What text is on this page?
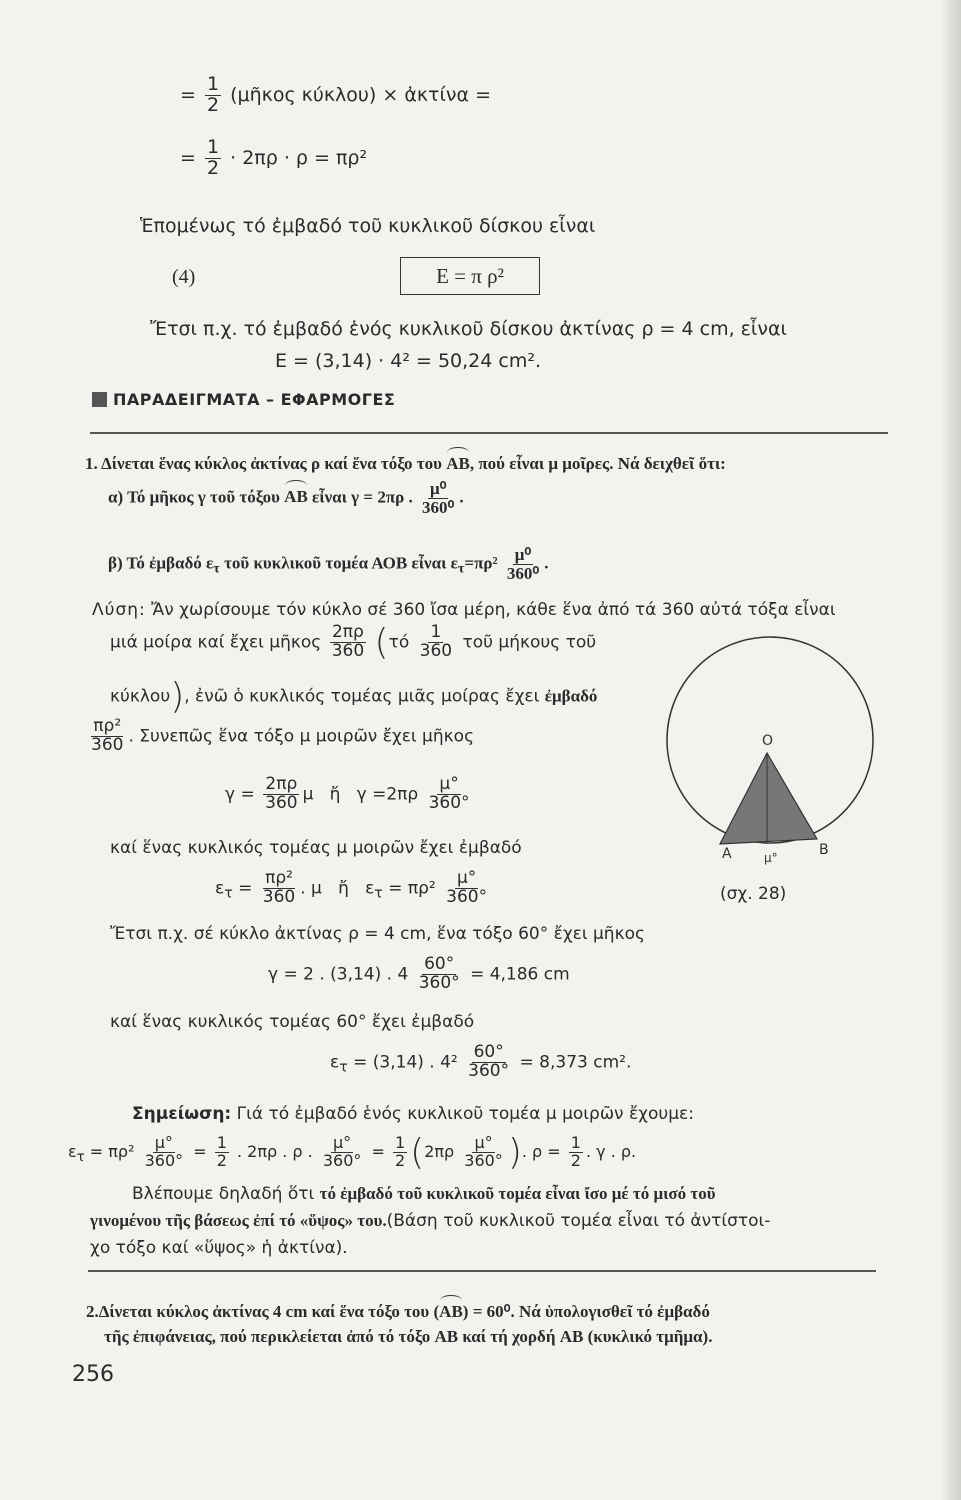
= $\frac{1}{2}$ (μῆκος κύκλου) × ἀκτίνα =
= $\frac{1}{2} \cdot 2\pi\rho \cdot \rho = \pi\rho^2$
Ἑπομένως τό ἐμβαδό τοῦ κυκλικοῦ δίσκου εἶναι
(4)	E = π ρ²
Ἔτσι π.χ. τό ἐμβαδό ἑνός κυκλικοῦ δίσκου ἀκτίνας ρ = 4 cm, εἶναι
E = (3,14) · 4² = 50,24 cm².
ΠΑΡΑΔΕΙΓΜΑΤΑ – ΕΦΑΡΜΟΓΕΣ
1. Δίνεται ἕνας κύκλος ἀκτίνας ρ καί ἕνα τόξο του AB, πού εἶναι μ μοῖρες. Νά δειχθεῖ ὅτι:
α) Τό μῆκος γ τοῦ τόξου AB εἶναι γ = 2πρ . $\frac{\text{μ⁰}}{\text{360⁰}}$ .
β) Τό ἐμβαδό $\varepsilon_\tau$ τοῦ κυκλικοῦ τομέα ΑΟΒ εἶναι $\varepsilon_\tau=\pi\rho^2 \frac{\text{μ⁰}}{\text{360⁰}}$ .
Λύση: Ἄν χωρίσουμε τόν κύκλο σέ 360 ἴσα μέρη, κάθε ἕνα ἀπό τά 360 αὐτά τόξα εἶναι
μιά μοίρα καί ἔχει μῆκος $\frac{2\pi\rho}{360} (\tau ό \frac{1}{360}$ τοῦ μήκους τοῦ
κύκλου), ἐνῶ ὁ κυκλικός τομέας μιᾶς μοίρας ἔχει ἐμβαδό
$\frac{\text{πρ²}}{360}$ . Συνεπῶς ἕνα τόξο μ μοιρῶν ἔχει μῆκος
$\gamma = \frac{2\pi\rho}{360}$ μ ἤ $\gamma =2\pi\rho \frac{\mu^\circ}{360^\circ}$
καί ἕνας κυκλικός τομέας μ μοιρῶν ἔχει ἐμβαδό
$\varepsilon_\tau = \frac{\text{πρ²}}{360}$ . μ ἤ $\varepsilon_\tau = \pi\rho^2 \frac{\mu^\circ}{360^\circ}$	(σχ. 28)
O
A	B
μ°
Ἔτσι π.χ. σέ κύκλο ἀκτίνας ρ = 4 cm, ἕνα τόξο 60° ἔχει μῆκος
γ = 2 . (3,14) . $4 \frac{60^\circ}{360^\circ} = 4,186$ cm
καί ἕνας κυκλικός τομέας 60° ἔχει ἐμβαδό
$\varepsilon_\tau = (3,14)$ . $4^2 \frac{60^\circ}{360^\circ} = 8,373$ cm².
Σημείωση: Γιά τό ἐμβαδό ἑνός κυκλικοῦ τομέα μ μοιρῶν ἔχουμε:
$\varepsilon_\tau = \pi\rho^2 \frac{\mu^\circ}{360^\circ} = \frac{1}{2}$ . 2πρ . ρ . $\frac{\mu^\circ}{360^\circ} = \frac{1}{2} (2\pi\rho \frac{\mu^\circ}{360^\circ}$ ). $\rho = \frac{1}{2}$ . γ . ρ.
Βλέπουμε δηλαδή ὅτι τό ἐμβαδό τοῦ κυκλικοῦ τομέα εἶναι ἴσο μέ τό μισό τοῦ
γινομένου τῆς βάσεως ἐπί τό «ὕψος» του.(Βάση τοῦ κυκλικοῦ τομέα εἶναι τό ἀντίστοι-
χο τόξο καί «ὕψος» ἡ ἀκτίνα).
2.Δίνεται κύκλος ἀκτίνας 4 cm καί ἕνα τόξο του (AB) = 60⁰. Νά ὑπολογισθεῖ τό ἐμβαδό
τῆς ἐπιφάνειας, πού περικλείεται ἀπό τό τόξο AB καί τή χορδή AB (κυκλικό τμῆμα).
256
